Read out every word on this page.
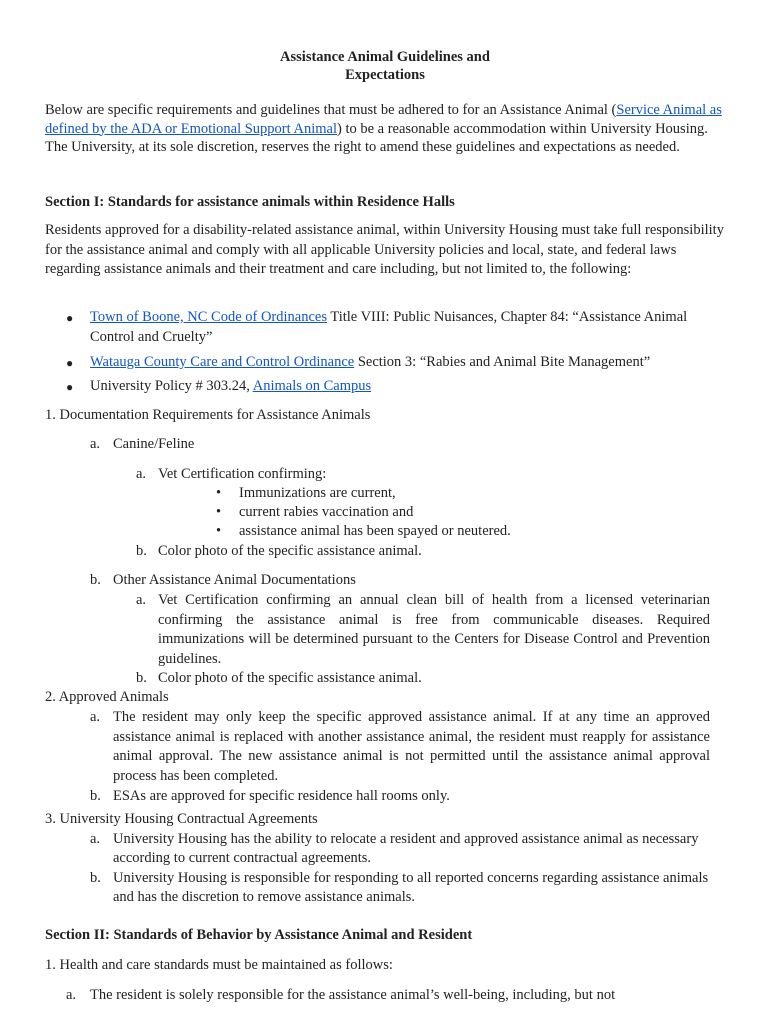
Assistance Animal Guidelines and

Expectations

Below are specific requirements and guidelines that must be adhered to for an Assistance Animal (Service Animal as defined by the ADA or Emotional Support Animal) to be a reasonable accommodation within University Housing. The University, at its sole discretion, reserves the right to amend these guidelines and expectations as needed.

Section I: Standards for assistance animals within Residence Halls

Residents approved for a disability-related assistance animal, within University Housing must take full responsibility for the assistance animal and comply with all applicable University policies and local, state, and federal laws regarding assistance animals and their treatment and care including, but not limited to, the following:

● Town of Boone, NC Code of Ordinances Title VIII: Public Nuisances, Chapter 84: “Assistance Animal Control and Cruelty”

● Watauga County Care and Control Ordinance Section 3: “Rabies and Animal Bite Management”

● University Policy # 303.24, Animals on Campus

1. Documentation Requirements for Assistance Animals

a. Canine/Feline

a. Vet Certification confirming:

• Immunizations are current,

• current rabies vaccination and

• assistance animal has been spayed or neutered.

b. Color photo of the specific assistance animal.

b. Other Assistance Animal Documentations

a. Vet Certification confirming an annual clean bill of health from a licensed veterinarian confirming the assistance animal is free from communicable diseases. Required immunizations will be determined pursuant to the Centers for Disease Control and Prevention guidelines.

b. Color photo of the specific assistance animal.

2. Approved Animals

a. The resident may only keep the specific approved assistance animal. If at any time an approved assistance animal is replaced with another assistance animal, the resident must reapply for assistance animal approval. The new assistance animal is not permitted until the assistance animal approval process has been completed.

b. ESAs are approved for specific residence hall rooms only.

3. University Housing Contractual Agreements

a. University Housing has the ability to relocate a resident and approved assistance animal as necessary according to current contractual agreements.

b. University Housing is responsible for responding to all reported concerns regarding assistance animals and has the discretion to remove assistance animals.

Section II: Standards of Behavior by Assistance Animal and Resident

1. Health and care standards must be maintained as follows:

a. The resident is solely responsible for the assistance animal’s well-being, including, but not
